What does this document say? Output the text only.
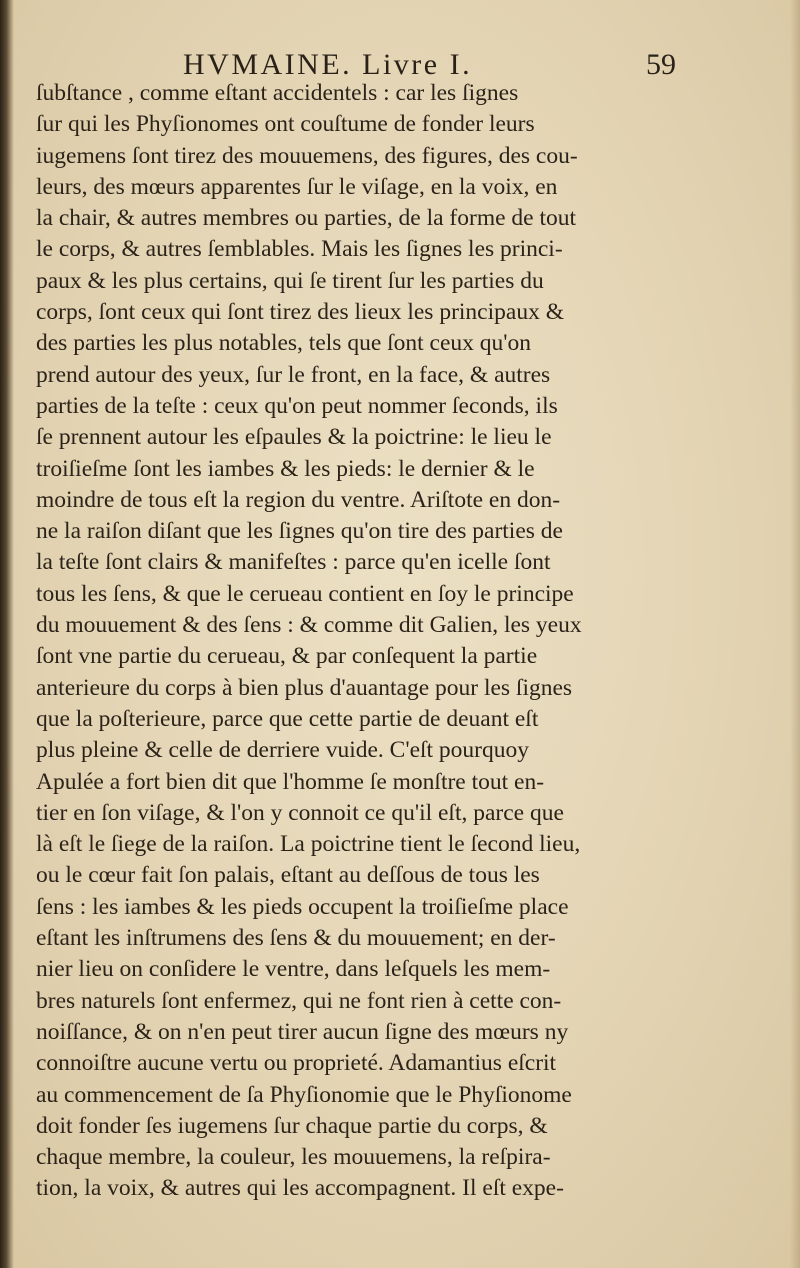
HVMAINE. Livre I.	59
ſubſtance , comme eſtant accidentels : car les ſignes
ſur qui les Phyſionomes ont couſtume de fonder leurs
iugemens ſont tirez des mouuemens, des figures, des cou-
leurs, des mœurs apparentes ſur le viſage, en la voix, en
la chair, & autres membres ou parties, de la forme de tout
le corps, & autres ſemblables. Mais les ſignes les princi-
paux & les plus certains, qui ſe tirent ſur les parties du
corps, ſont ceux qui ſont tirez des lieux les principaux &
des parties les plus notables, tels que ſont ceux qu'on
prend autour des yeux, ſur le front, en la face, & autres
parties de la teſte : ceux qu'on peut nommer ſeconds, ils
ſe prennent autour les eſpaules & la poictrine: le lieu le
troiſieſme ſont les iambes & les pieds: le dernier & le
moindre de tous eſt la region du ventre. Ariſtote en don-
ne la raiſon diſant que les ſignes qu'on tire des parties de
la teſte ſont clairs & manifeſtes : parce qu'en icelle ſont
tous les ſens, & que le cerueau contient en ſoy le principe
du mouuement & des ſens : & comme dit Galien, les yeux
ſont vne partie du cerueau, & par conſequent la partie
anterieure du corps à bien plus d'auantage pour les ſignes
que la poſterieure, parce que cette partie de deuant eſt
plus pleine & celle de derriere vuide. C'eſt pourquoy
Apulée a fort bien dit que l'homme ſe monſtre tout en-
tier en ſon viſage, & l'on y connoit ce qu'il eſt, parce que
là eſt le ſiege de la raiſon. La poictrine tient le ſecond lieu,
ou le cœur fait ſon palais, eſtant au deſſous de tous les
ſens : les iambes & les pieds occupent la troiſieſme place
eſtant les inſtrumens des ſens & du mouuement; en der-
nier lieu on conſidere le ventre, dans leſquels les mem-
bres naturels ſont enfermez, qui ne font rien à cette con-
noiſſance, & on n'en peut tirer aucun ſigne des mœurs ny
connoiſtre aucune vertu ou proprieté. Adamantius eſcrit
au commencement de ſa Phyſionomie que le Phyſionome
doit fonder ſes iugemens ſur chaque partie du corps, &
chaque membre, la couleur, les mouuemens, la reſpira-
tion, la voix, & autres qui les accompagnent. Il eſt expe-
